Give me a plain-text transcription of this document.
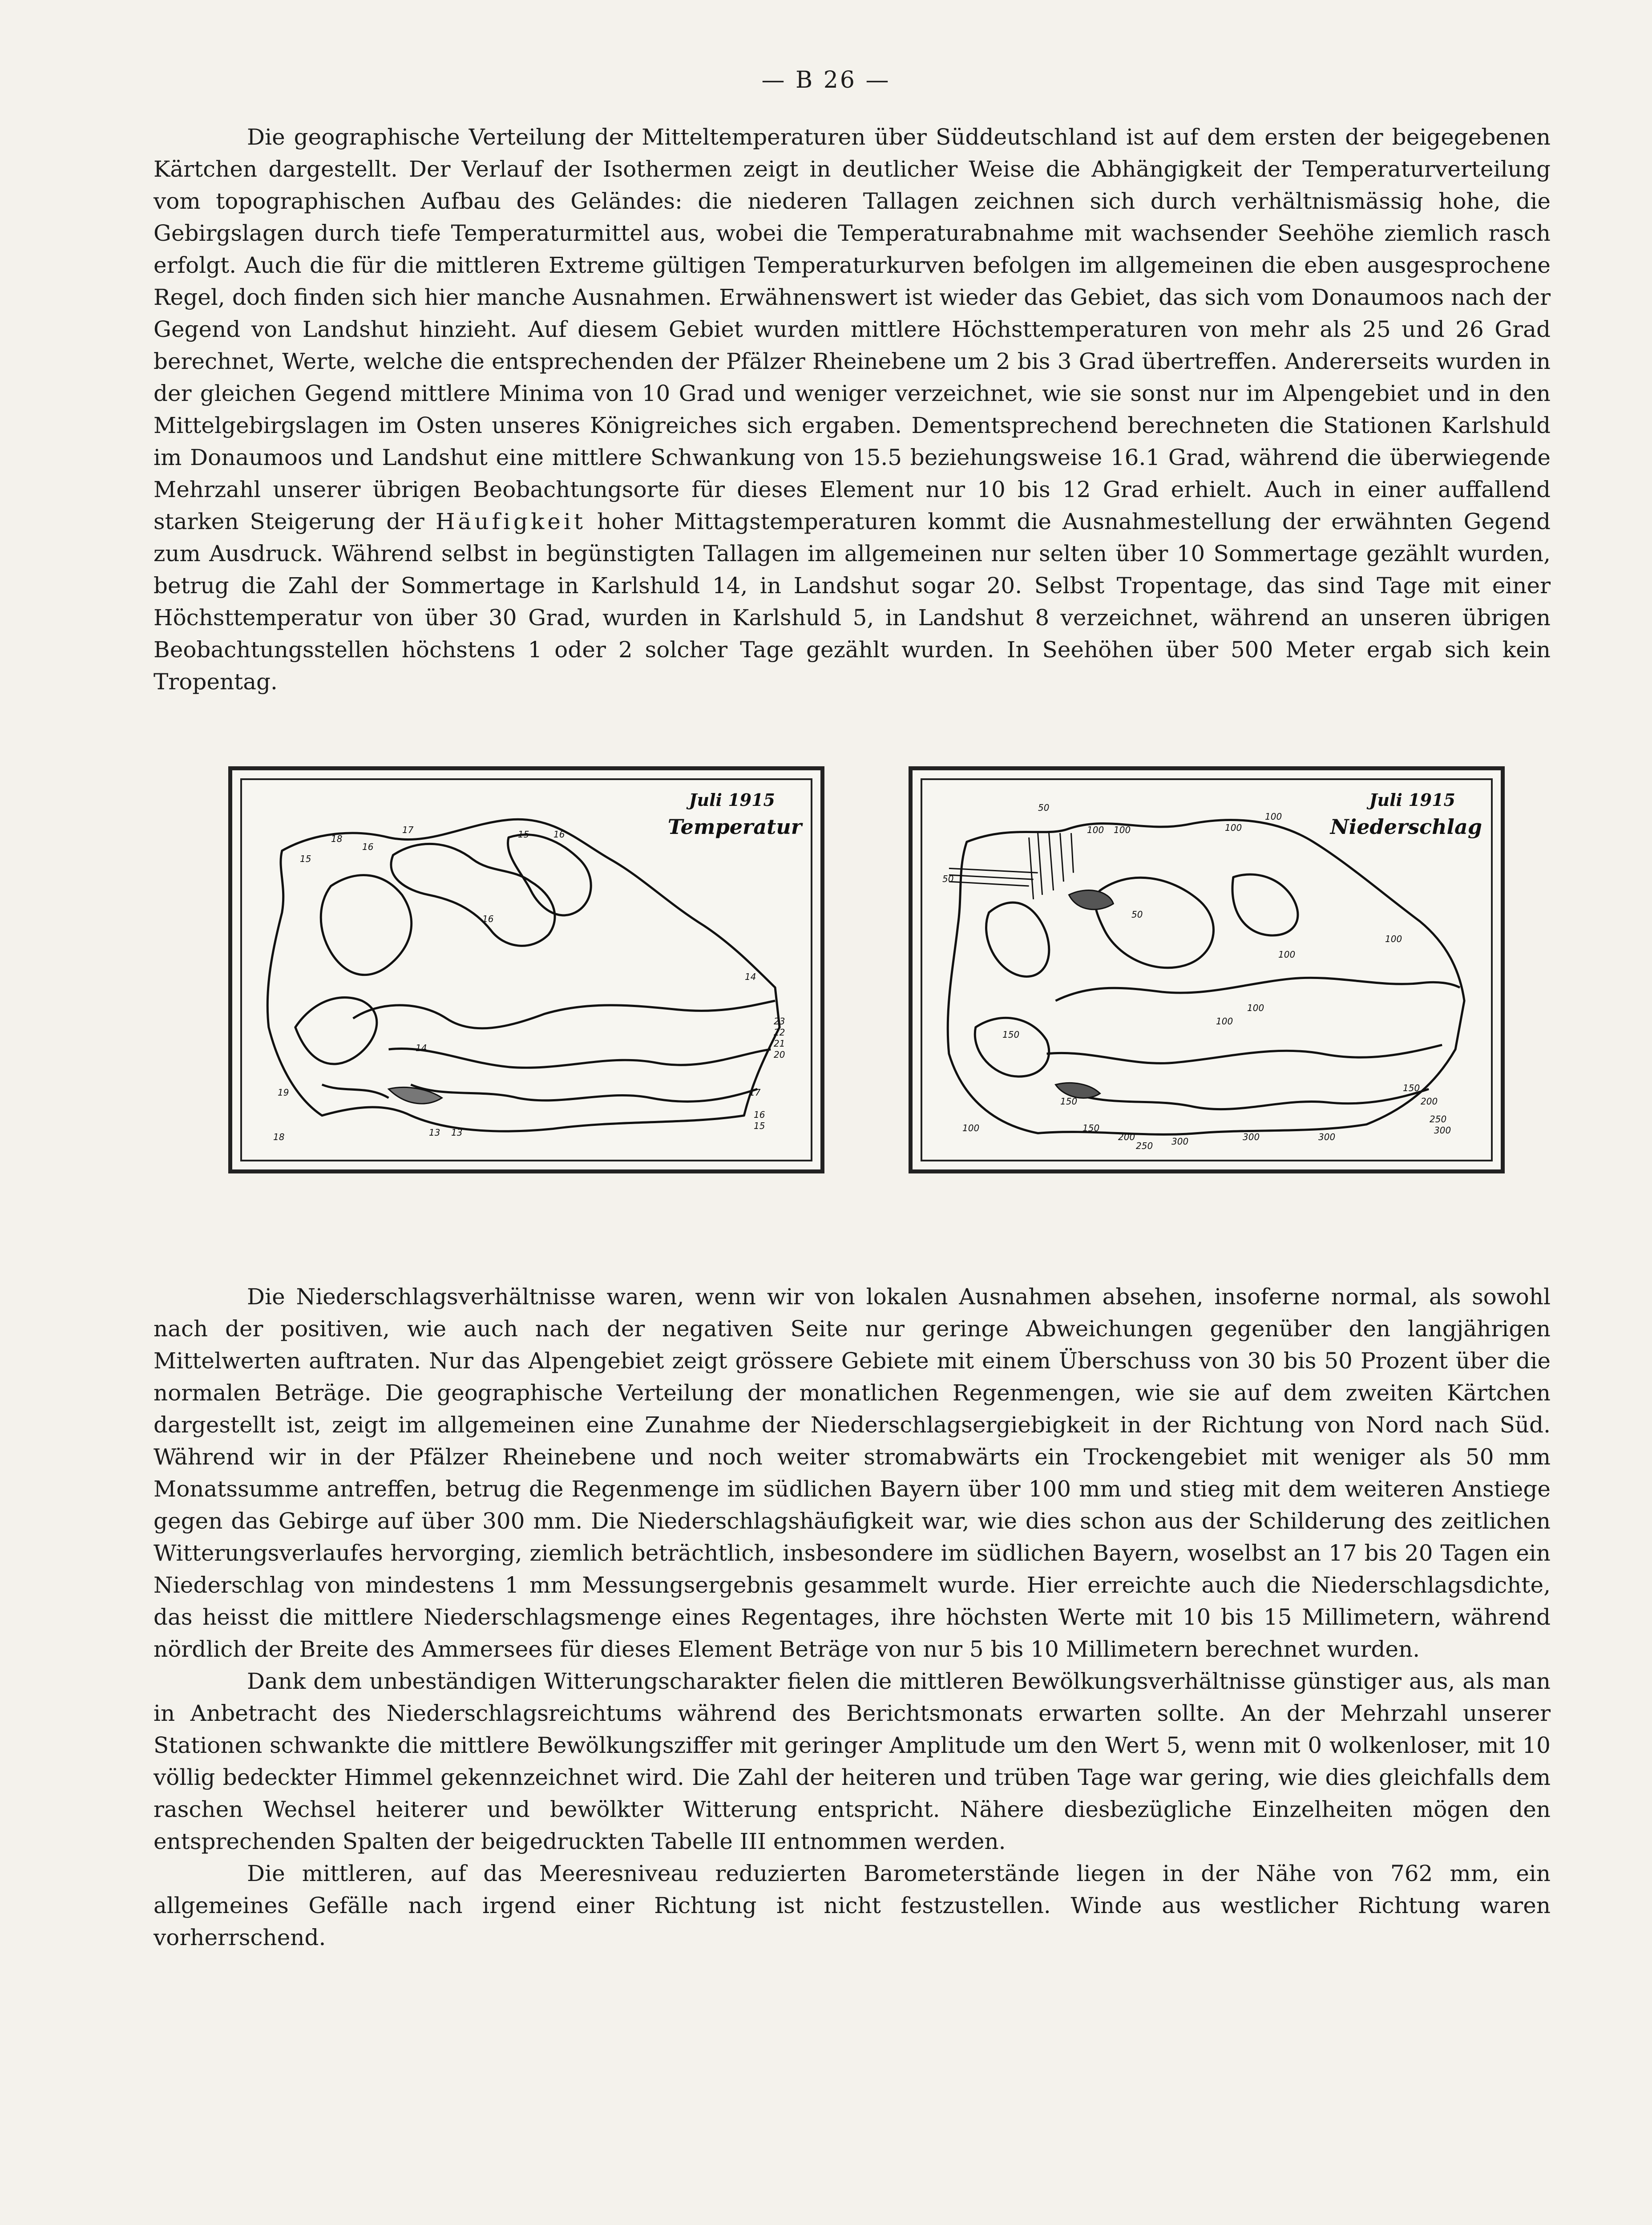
— B 26 —

Die geographische Verteilung der Mitteltemperaturen über Süddeutschland ist auf dem ersten der beigegebenen Kärtchen dargestellt. Der Verlauf der Isothermen zeigt in deutlicher Weise die Abhängigkeit der Temperaturverteilung vom topographischen Aufbau des Geländes: die niederen Tallagen zeichnen sich durch verhältnismässig hohe, die Gebirgslagen durch tiefe Temperaturmittel aus, wobei die Temperaturabnahme mit wachsender Seehöhe ziemlich rasch erfolgt. Auch die für die mittleren Extreme gültigen Temperaturkurven befolgen im allgemeinen die eben ausgesprochene Regel, doch finden sich hier manche Ausnahmen. Erwähnenswert ist wieder das Gebiet, das sich vom Donaumoos nach der Gegend von Landshut hinzieht. Auf diesem Gebiet wurden mittlere Höchsttemperaturen von mehr als 25 und 26 Grad berechnet, Werte, welche die entsprechenden der Pfälzer Rheinebene um 2 bis 3 Grad übertreffen. Andererseits wurden in der gleichen Gegend mittlere Minima von 10 Grad und weniger verzeichnet, wie sie sonst nur im Alpengebiet und in den Mittelgebirgslagen im Osten unseres Königreiches sich ergaben. Dementsprechend berechneten die Stationen Karlshuld im Donaumoos und Landshut eine mittlere Schwankung von 15.5 beziehungsweise 16.1 Grad, während die überwiegende Mehrzahl unserer übrigen Beobachtungsorte für dieses Element nur 10 bis 12 Grad erhielt. Auch in einer auffallend starken Steigerung der Häufigkeit hoher Mittagstemperaturen kommt die Ausnahmestellung der erwähnten Gegend zum Ausdruck. Während selbst in begünstigten Tallagen im allgemeinen nur selten über 10 Sommertage gezählt wurden, betrug die Zahl der Sommertage in Karlshuld 14, in Landshut sogar 20. Selbst Tropentage, das sind Tage mit einer Höchsttemperatur von über 30 Grad, wurden in Karlshuld 5, in Landshut 8 verzeichnet, während an unseren übrigen Beobachtungsstellen höchstens 1 oder 2 solcher Tage gezählt wurden. In Seehöhen über 500 Meter ergab sich kein Tropentag.

Juli 1915
Temperatur
15
16
17
18	15	16
16
14
14
23
22
21
20
17
16
15
13 13
18
19
Juli 1915
Niederschlag
50
50
100 100	100
100
50
100
100
100
100
150
150
150
150
200
250
300
300
300
250
200
100
300

Die Niederschlagsverhältnisse waren, wenn wir von lokalen Ausnahmen absehen, insoferne normal, als sowohl nach der positiven, wie auch nach der negativen Seite nur geringe Abweichungen gegenüber den langjährigen Mittelwerten auftraten. Nur das Alpengebiet zeigt grössere Gebiete mit einem Überschuss von 30 bis 50 Prozent über die normalen Beträge. Die geographische Verteilung der monatlichen Regenmengen, wie sie auf dem zweiten Kärtchen dargestellt ist, zeigt im allgemeinen eine Zunahme der Niederschlagsergiebigkeit in der Richtung von Nord nach Süd. Während wir in der Pfälzer Rheinebene und noch weiter stromabwärts ein Trockengebiet mit weniger als 50 mm Monatssumme antreffen, betrug die Regenmenge im südlichen Bayern über 100 mm und stieg mit dem weiteren Anstiege gegen das Gebirge auf über 300 mm. Die Niederschlagshäufigkeit war, wie dies schon aus der Schilderung des zeitlichen Witterungsverlaufes hervorging, ziemlich beträchtlich, insbesondere im südlichen Bayern, woselbst an 17 bis 20 Tagen ein Niederschlag von mindestens 1 mm Messungsergebnis gesammelt wurde. Hier erreichte auch die Niederschlagsdichte, das heisst die mittlere Niederschlagsmenge eines Regentages, ihre höchsten Werte mit 10 bis 15 Millimetern, während nördlich der Breite des Ammersees für dieses Element Beträge von nur 5 bis 10 Millimetern berechnet wurden.

Dank dem unbeständigen Witterungscharakter fielen die mittleren Bewölkungsverhältnisse günstiger aus, als man in Anbetracht des Niederschlagsreichtums während des Berichtsmonats erwarten sollte. An der Mehrzahl unserer Stationen schwankte die mittlere Bewölkungsziffer mit geringer Amplitude um den Wert 5, wenn mit 0 wolkenloser, mit 10 völlig bedeckter Himmel gekennzeichnet wird. Die Zahl der heiteren und trüben Tage war gering, wie dies gleichfalls dem raschen Wechsel heiterer und bewölkter Witterung entspricht. Nähere diesbezügliche Einzelheiten mögen den entsprechenden Spalten der beigedruckten Tabelle III entnommen werden.

Die mittleren, auf das Meeresniveau reduzierten Barometerstände liegen in der Nähe von 762 mm, ein allgemeines Gefälle nach irgend einer Richtung ist nicht festzustellen. Winde aus westlicher Richtung waren vorherrschend.
